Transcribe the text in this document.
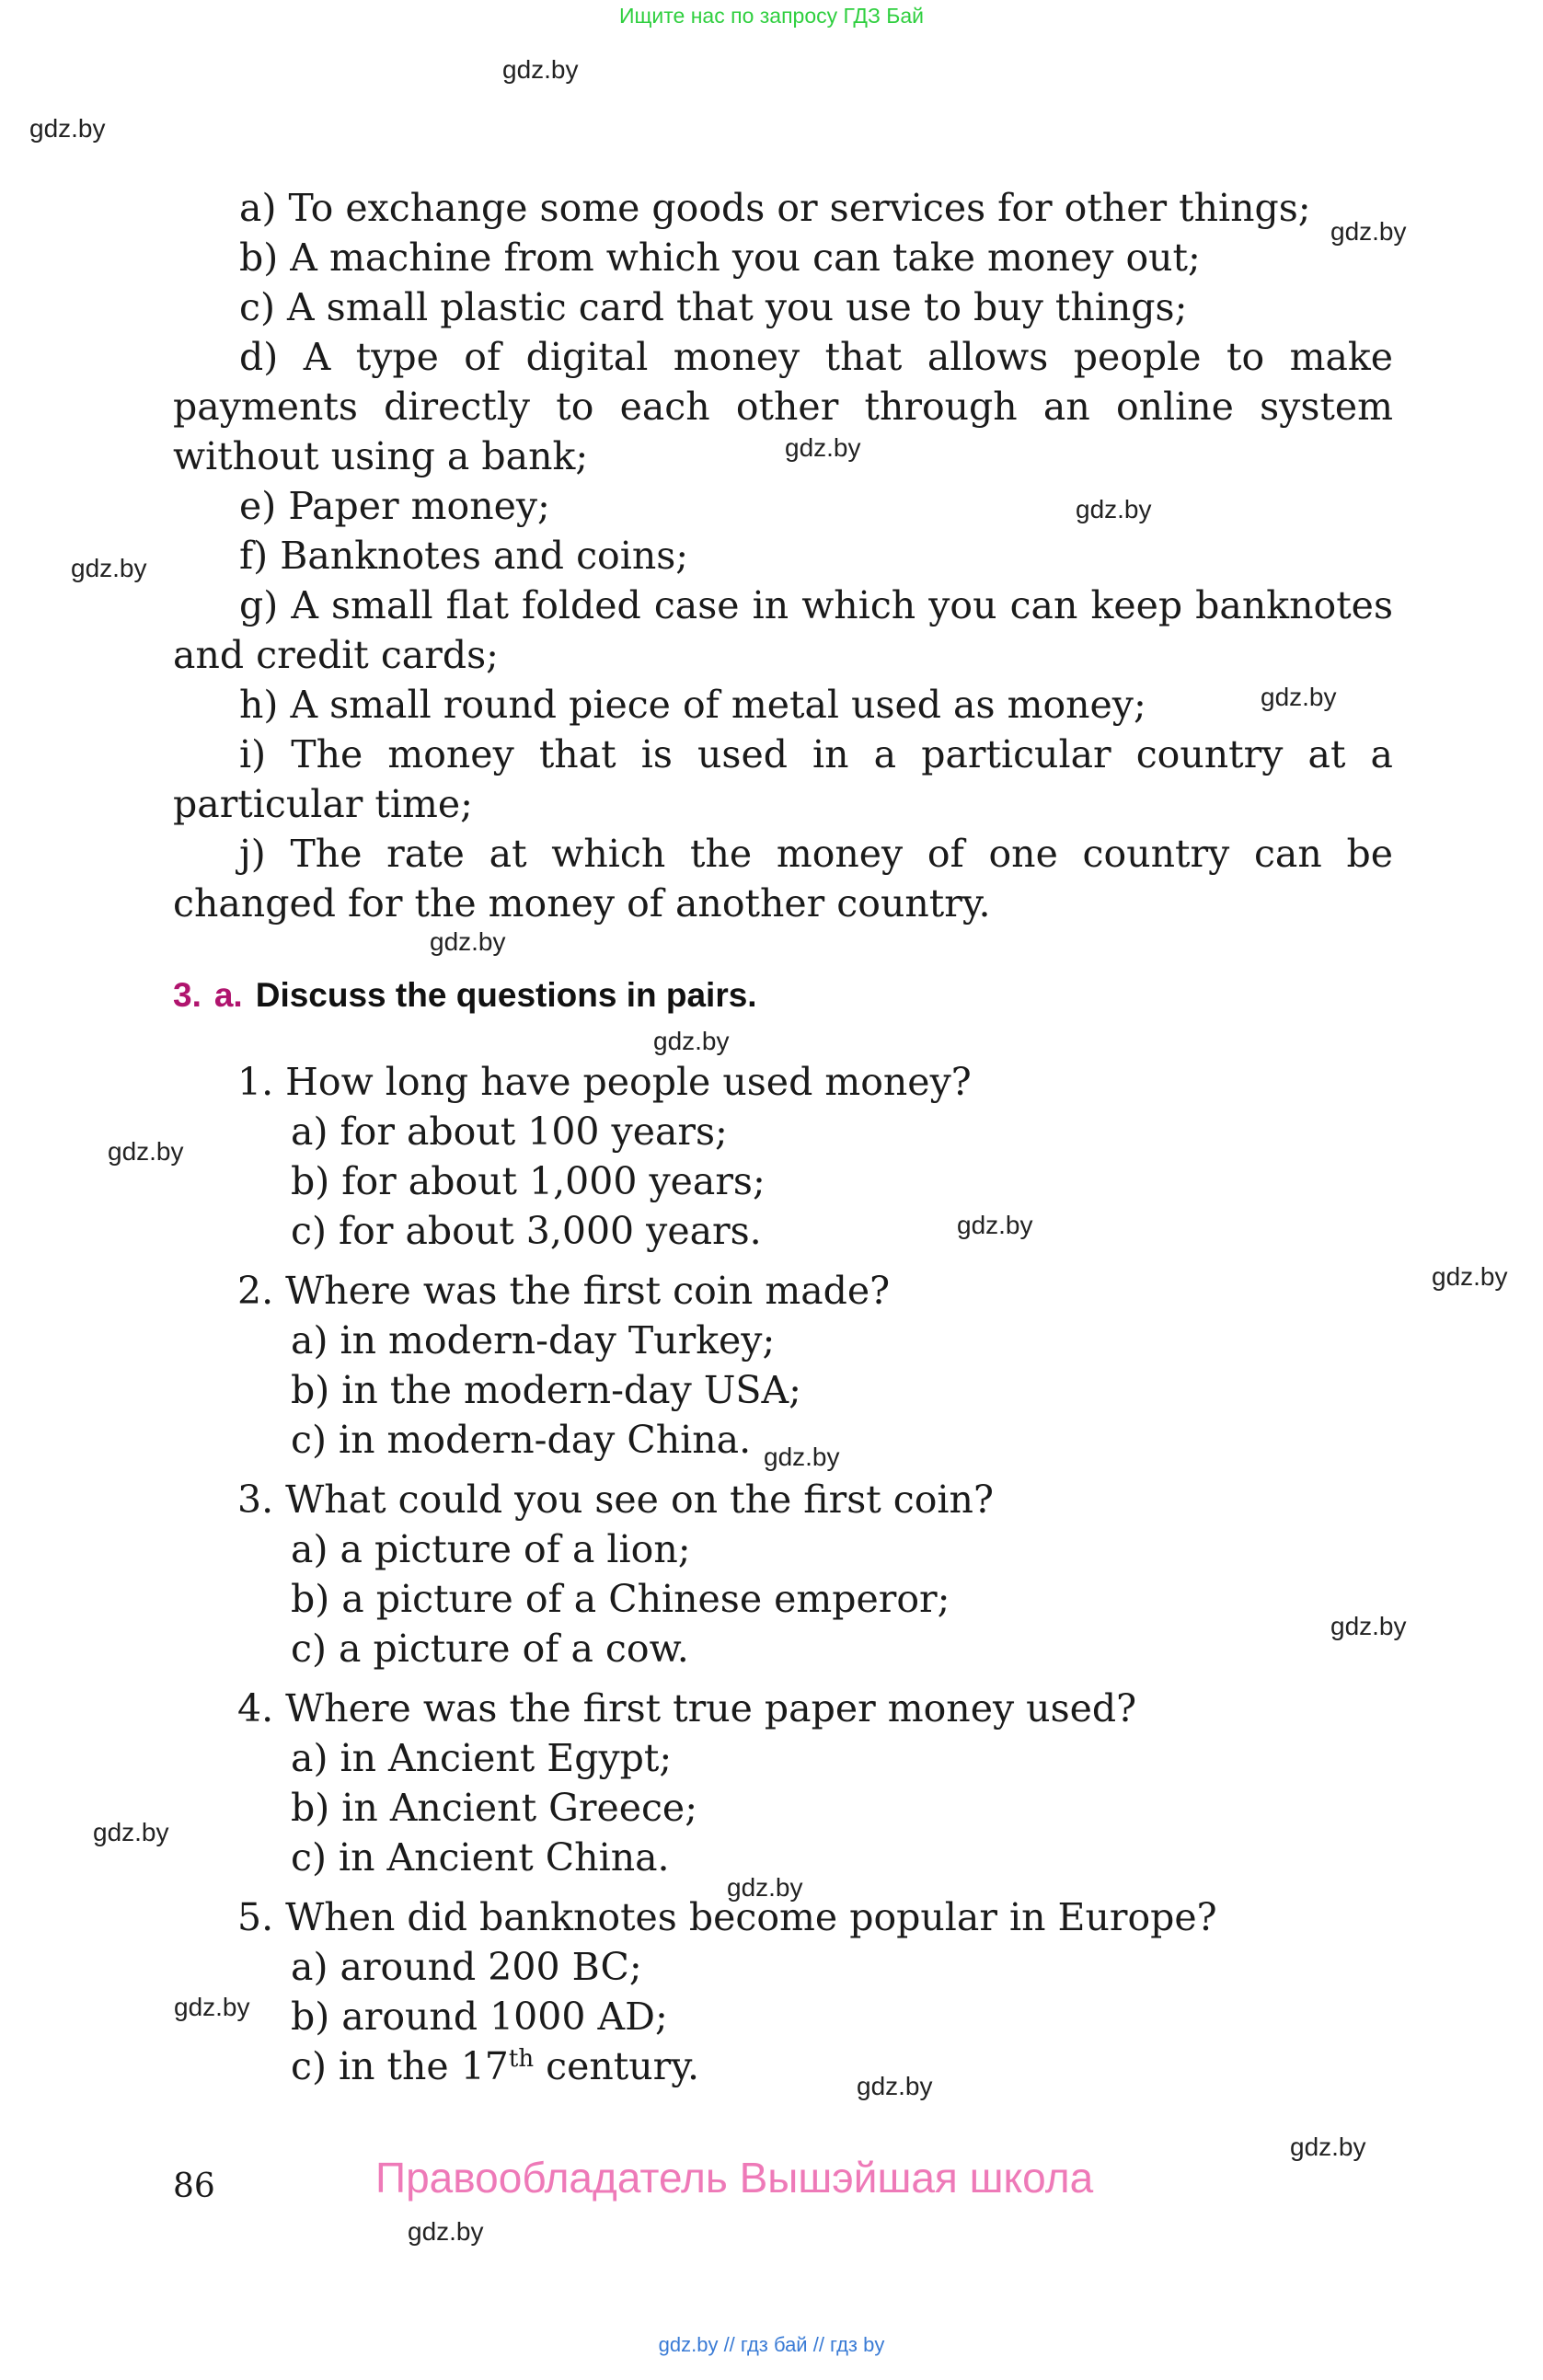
Ищите нас по запросу ГДЗ Бай
gdz.by
gdz.by
gdz.by
gdz.by
gdz.by
gdz.by
gdz.by
gdz.by
gdz.by
gdz.by
gdz.by
gdz.by
gdz.by
gdz.by
gdz.by
gdz.by
gdz.by
gdz.by
gdz.by
gdz.by

a) To exchange some goods or services for other things;

b) A machine from which you can take money out;

c) A small plastic card that you use to buy things;

d) A type of digital money that allows people to make payments directly to each other through an online system without using a bank;

e) Paper money;

f) Banknotes and coins;

g) A small flat folded case in which you can keep banknotes and credit cards;

h) A small round piece of metal used as money;

i) The money that is used in a particular country at a particular time;

j) The rate at which the money of one country can be changed for the money of another country.

3. a. Discuss the questions in pairs.
1. How long have people used money?
a) for about 100 years;
b) for about 1,000 years;
c) for about 3,000 years.
2. Where was the first coin made?
a) in modern-day Turkey;
b) in the modern-day USA;
c) in modern-day China.
3. What could you see on the first coin?
a) a picture of a lion;
b) a picture of a Chinese emperor;
c) a picture of a cow.
4. Where was the first true paper money used?
a) in Ancient Egypt;
b) in Ancient Greece;
c) in Ancient China.
5. When did banknotes become popular in Europe?
a) around 200 BC;
b) around 1000 AD;
c) in the 17th century.
86	Правообладатель Вышэйшая школа
gdz.by // гдз бай // гдз by
